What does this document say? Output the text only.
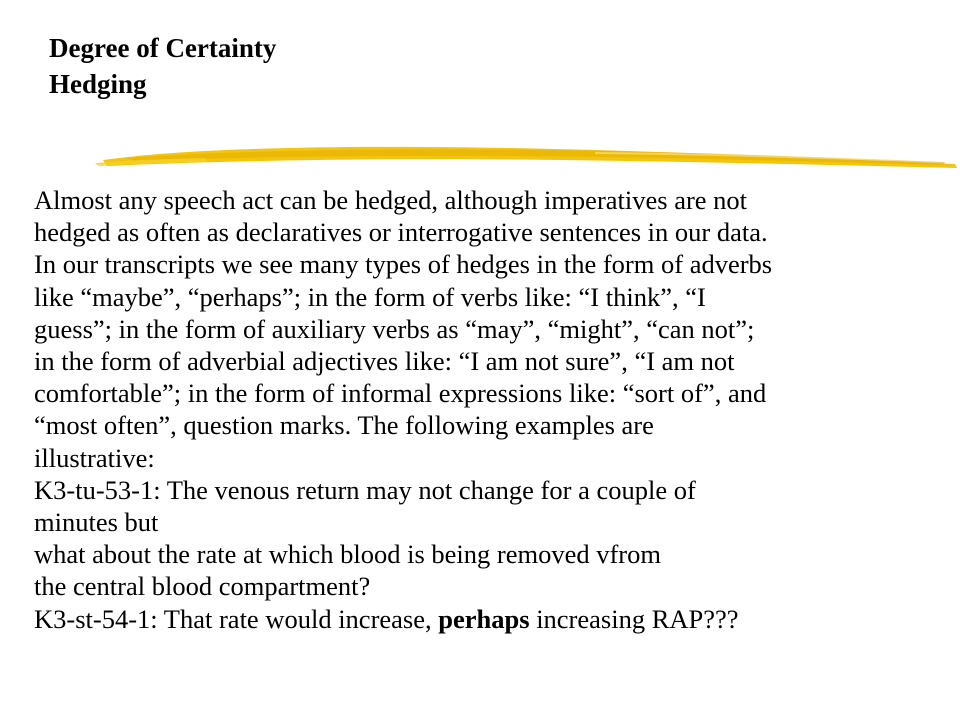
Degree of Certainty
Hedging
Almost any speech act can be hedged, although imperatives are not
hedged as often as declaratives or interrogative sentences in our data.
In our transcripts we see many types of hedges in the form of adverbs
like “maybe”, “perhaps”; in the form of verbs like: “I think”, “I
guess”; in the form of auxiliary verbs as “may”, “might”, “can not”;
in the form of adverbial adjectives like: “I am not sure”, “I am not
comfortable”; in the form of informal expressions like: “sort of”, and
“most often”, question marks. The following examples are
illustrative:
K3-tu-53-1: The venous return may not change for a couple of
minutes but
what about the rate at which blood is being removed vfrom
the central blood compartment?
K3-st-54-1: That rate would increase, perhaps increasing RAP???
